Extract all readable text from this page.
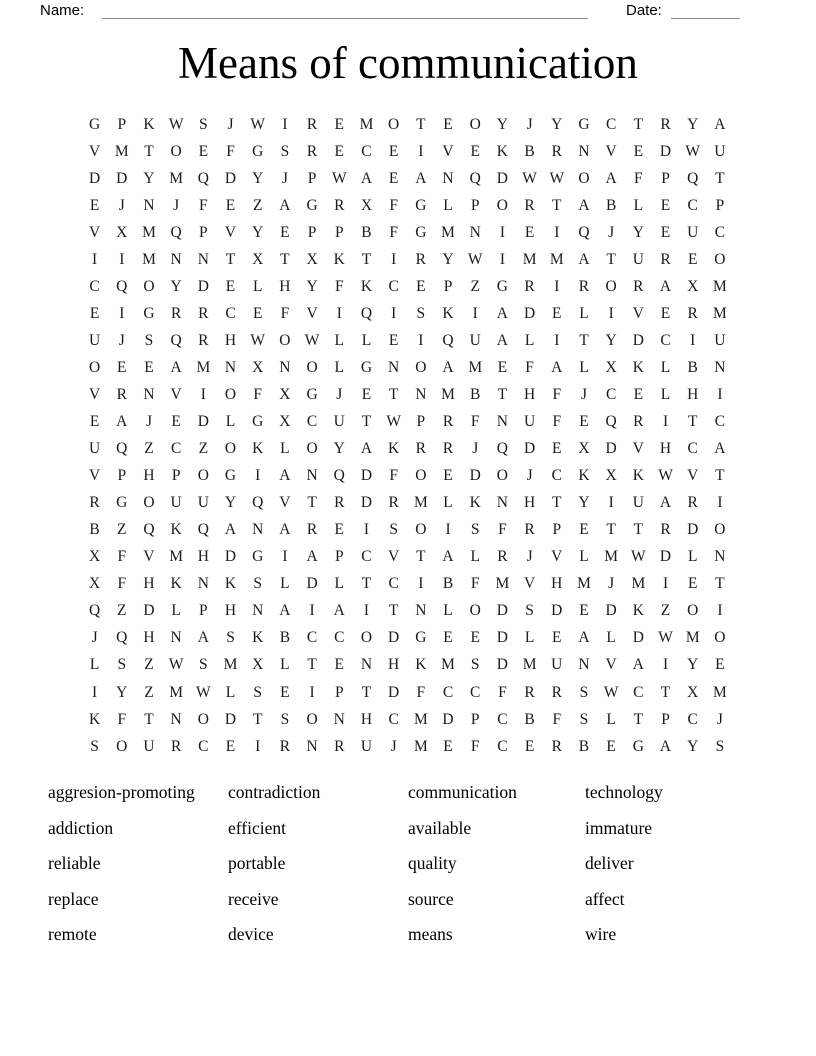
Name:	Date:
Means of communication
G	P	K W	S	J	W	I	R	E	M O	T	E	O	Y	J	Y	G	C	T	R	Y	A
V M	T	O	E	F	G	S	R	E	C	E	I	V	E	K	B	R	N	V	E	D W U
D	D	Y M Q	D	Y	J	P	W A	E	A	N	Q	D W W O	A	F	P	Q	T
E	J	N	J	F	E	Z	A	G	R	X	F	G	L	P	O	R	T	A	B	L	E	C	P
V	X M Q	P	V	Y	E	P	P	B	F	G M N	I	E	I	Q	J	Y	E	U	C
I	I	M N	N	T	X	T	X	K	T	I	R	Y W	I	M M A	T	U	R	E	O
C	Q	O	Y	D	E	L	H	Y	F	K	C	E	P	Z	G	R	I	R	O	R	A	X M
E	I	G	R	R	C	E	F	V	I	Q	I	S	K	I	A	D	E	L	I	V	E	R M
U	J	S	Q	R	H W O W L	L	E	I	Q	U	A	L	I	T	Y	D	C	I	U
O	E	E	A M N	X	N	O	L	G	N	O	A M	E	F	A	L	X	K	L	B	N
V	R	N	V	I	O	F	X	G	J	E	T	N M B	T	H	F	J	C	E	L	H	I
E	A	J	E	D	L	G	X	C	U	T W	P	R	F	N	U	F	E	Q	R	I	T	C
U	Q	Z	C	Z	O	K	L	O	Y	A	K	R	R	J	Q	D	E	X	D	V	H	C	A
V	P	H	P	O	G	I	A	N	Q	D	F	O	E	D	O	J	C	K	X	K W V	T
R	G	O	U	U	Y	Q	V	T	R	D	R M	L	K	N	H	T	Y	I	U	A	R	I
B	Z	Q	K	Q	A	N	A	R	E	I	S	O	I	S	F	R	P	E	T	T	R	D	O
X	F	V M H	D	G	I	A	P	C	V	T	A	L	R	J	V	L	M W D	L	N
X	F	H	K	N	K	S	L	D	L	T	C	I	B	F	M V	H M	J	M	I	E	T
Q	Z	D	L	P	H	N	A	I	A	I	T	N	L	O	D	S	D	E	D	K	Z	O	I
J	Q	H	N	A	S	K	B	C	C	O	D	G	E	E	D	L	E	A	L	D W M O
L	S	Z W	S	M X	L	T	E	N	H	K M	S	D M U	N	V	A	I	Y	E
I	Y	Z	M W L	S	E	I	P	T	D	F	C	C	F	R	R	S	W C	T	X M
K	F	T	N	O	D	T	S	O	N	H	C M D	P	C	B	F	S	L	T	P	C	J
S	O	U	R	C	E	I	R	N	R	U	J	M	E	F	C	E	R	B	E	G	A	Y	S
aggresion-promoting
addiction
reliable
replace
remote
contradiction
efficient
portable
receive
device
communication
available
quality
source
means
technology
immature
deliver
affect
wire
